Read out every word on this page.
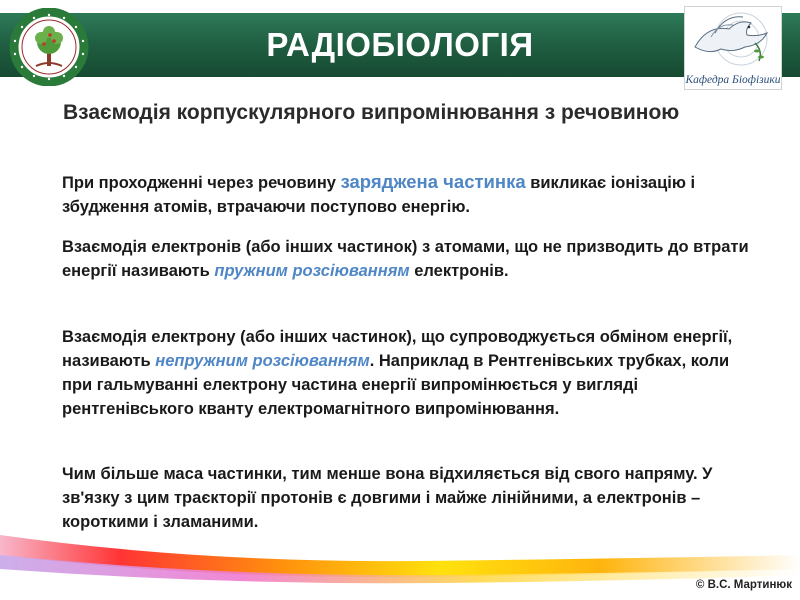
РАДІОБІОЛОГІЯ
Кафедра Біофізики
Взаємодія корпускулярного випромінювання з речовиною
При проходженні через речовину заряджена частинка викликає іонізацію і збудження атомів, втрачаючи поступово енергію.
Взаємодія електронів (або інших частинок) з атомами, що не призводить до втрати енергії називають пружним розсіюванням електронів.
Взаємодія електрону (або інших частинок), що супроводжується обміном енергії, називають непружним розсіюванням. Наприклад в Рентгенівських трубках, коли при гальмуванні електрону частина енергії випромінюється у вигляді рентгенівського кванту електромагнітного випромінювання.
Чим більше маса частинки, тим менше вона відхиляється від свого напряму. У зв'язку з цим траєкторії протонів є довгими і майже лінійними, а електронів – короткими і зламаними.
© В.С. Мартинюк
